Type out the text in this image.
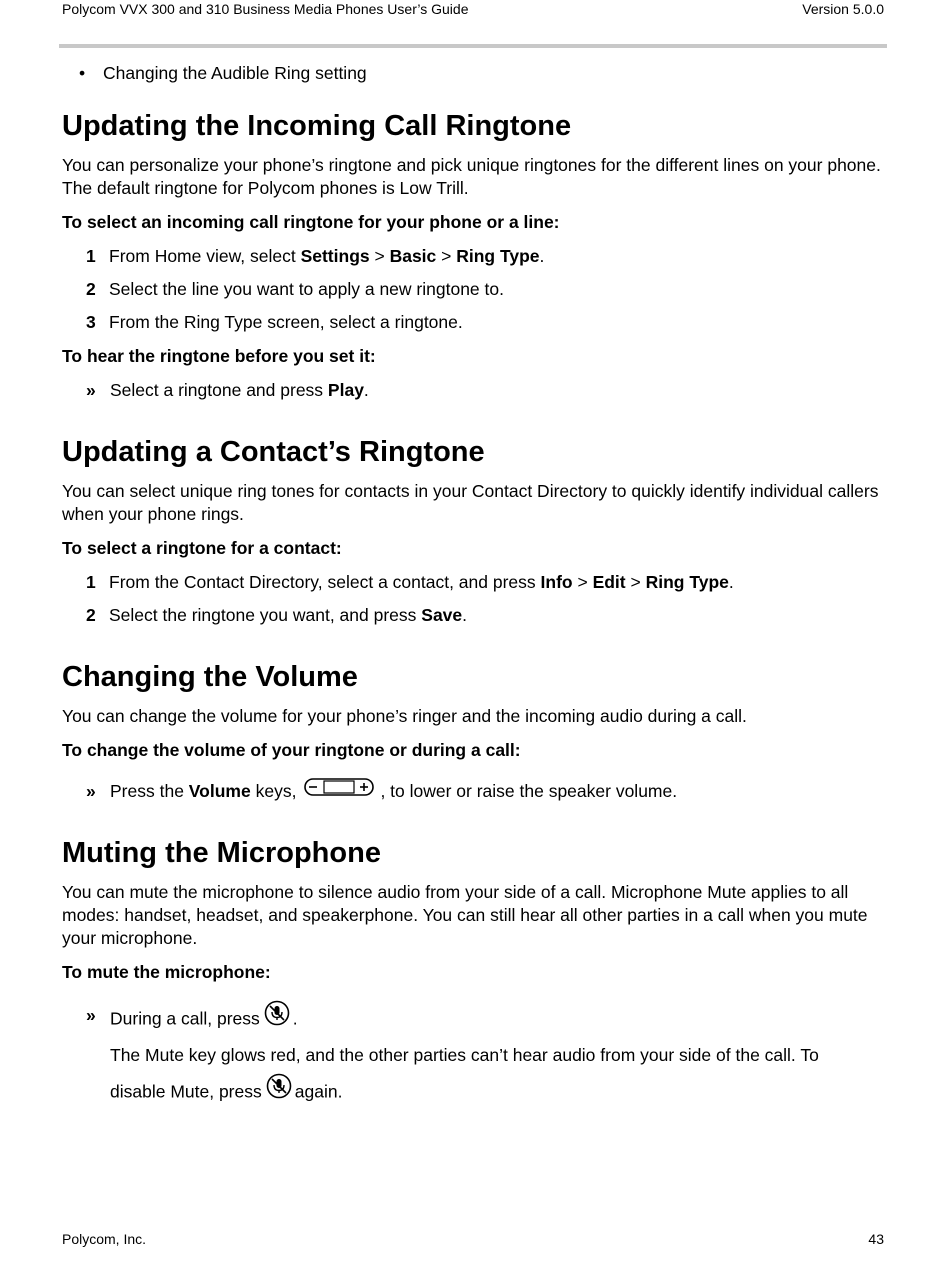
Polycom VVX 300 and 310 Business Media Phones User’s Guide	Version 5.0.0
• Changing the Audible Ring setting
Updating the Incoming Call Ringtone

You can personalize your phone’s ringtone and pick unique ringtones for the different lines on your phone. The default ringtone for Polycom phones is Low Trill.

To select an incoming call ringtone for your phone or a line:

1 From Home view, select Settings > Basic > Ring Type.
2 Select the line you want to apply a new ringtone to.
3 From the Ring Type screen, select a ringtone.

To hear the ringtone before you set it:

» Select a ringtone and press Play.
Updating a Contact’s Ringtone

You can select unique ring tones for contacts in your Contact Directory to quickly identify individual callers when your phone rings.

To select a ringtone for a contact:

1 From the Contact Directory, select a contact, and press Info > Edit > Ring Type.
2 Select the ringtone you want, and press Save.
Changing the Volume

You can change the volume for your phone’s ringer and the incoming audio during a call.

To change the volume of your ringtone or during a call:

» Press the Volume keys,	, to lower or raise the speaker volume.
Muting the Microphone

You can mute the microphone to silence audio from your side of a call. Microphone Mute applies to all modes: handset, headset, and speakerphone. You can still hear all other parties in a call when you mute your microphone.

To mute the microphone:

» During a call, press .

The Mute key glows red, and the other parties can’t hear audio from your side of the call. To

disable Mute, press again.

Polycom, Inc.	43
